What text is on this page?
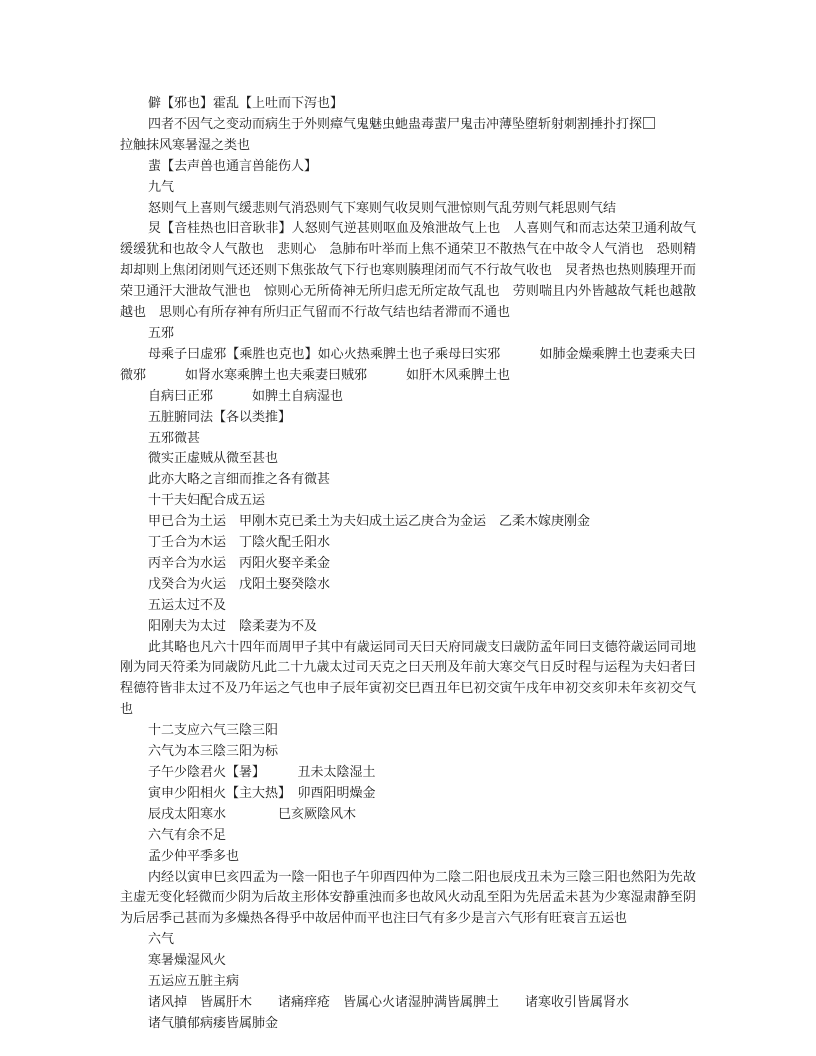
僻【邪也】霍乱【上吐而下泻也】

四者不因气之变动而病生于外则瘴气鬼魅虫虵蛊毒蜚尸鬼击冲薄坠堕斩射刺割捶扑打探

拉触抹风寒暑湿之类也

蜚【去声兽也通言兽能伤人】

九气

怒则气上喜则气缓悲则气消恐则气下寒则气收炅则气泄惊则气乱劳则气耗思则气结

炅【音桂热也旧音耿非】人怒则气逆甚则呕血及飧泄故气上也　人喜则气和而志达荣卫通利故气缓缓犹和也故令人气散也　悲则心　急肺布叶举而上焦不通荣卫不散热气在中故令人气消也　恐则精却却则上焦闭闭则气还还则下焦张故气下行也寒则腠理闭而气不行故气收也　炅者热也热则腠理开而荣卫通汗大泄故气泄也　惊则心无所倚神无所归虑无所定故气乱也　劳则喘且内外皆越故气耗也越散越也　思则心有所存神有所归正气留而不行故气结也结者滞而不通也

五邪

母乘子曰虚邪【乘胜也克也】如心火热乘脾土也子乘母曰实邪　　　如肺金燥乘脾土也妻乘夫曰微邪　　　如肾水寒乘脾土也夫乘妻曰贼邪　　　如肝木风乘脾土也

自病曰正邪　　　如脾土自病湿也

五脏腑同法【各以类推】

五邪微甚

微实正虚贼从微至甚也

此亦大略之言细而推之各有微甚

十干夫妇配合成五运

甲已合为土运　甲刚木克已柔土为夫妇成土运乙庚合为金运　乙柔木嫁庚刚金

丁壬合为木运　丁陰火配壬阳水

丙辛合为水运　丙阳火娶辛柔金

戊癸合为火运　戊阳土娶癸陰水

五运太过不及

阳刚夫为太过　陰柔妻为不及

此其略也凡六十四年而周甲子其中有歳运同司天曰天府同歳支曰歳防孟年同曰支德符歳运同司地刚为同天符柔为同歳防凡此二十九歳太过司天克之曰天刑及年前大寒交气日反时程与运程为夫妇者曰程德符皆非太过不及乃年运之气也申子辰年寅初交巳酉丑年巳初交寅午戌年申初交亥卯未年亥初交气也

十二支应六气三陰三阳

六气为本三陰三阳为标

子午少陰君火【暑】　　　丑未太陰湿土

寅申少阳相火【主大热】　卯酉阳明燥金

辰戌太阳寒水　　　　巳亥厥陰风木

六气有余不足

孟少仲平季多也

内经以寅申巳亥四孟为一陰一阳也子午卯酉四仲为二陰二阳也辰戌丑未为三陰三阳也然阳为先故主虚无变化轻微而少阴为后故主形体安静重浊而多也故风火动乱至阳为先居孟未甚为少寒湿肃静至阴为后居季己甚而为多燥热各得乎中故居仲而平也注曰气有多少是言六气形有旺衰言五运也

六气

寒暑燥湿风火

五运应五脏主病

诸风掉　皆属肝木　　诸痛痒疮　皆属心火诸湿肿满皆属脾土　　诸寒收引皆属肾水

诸气膹郁病痿皆属肺金
